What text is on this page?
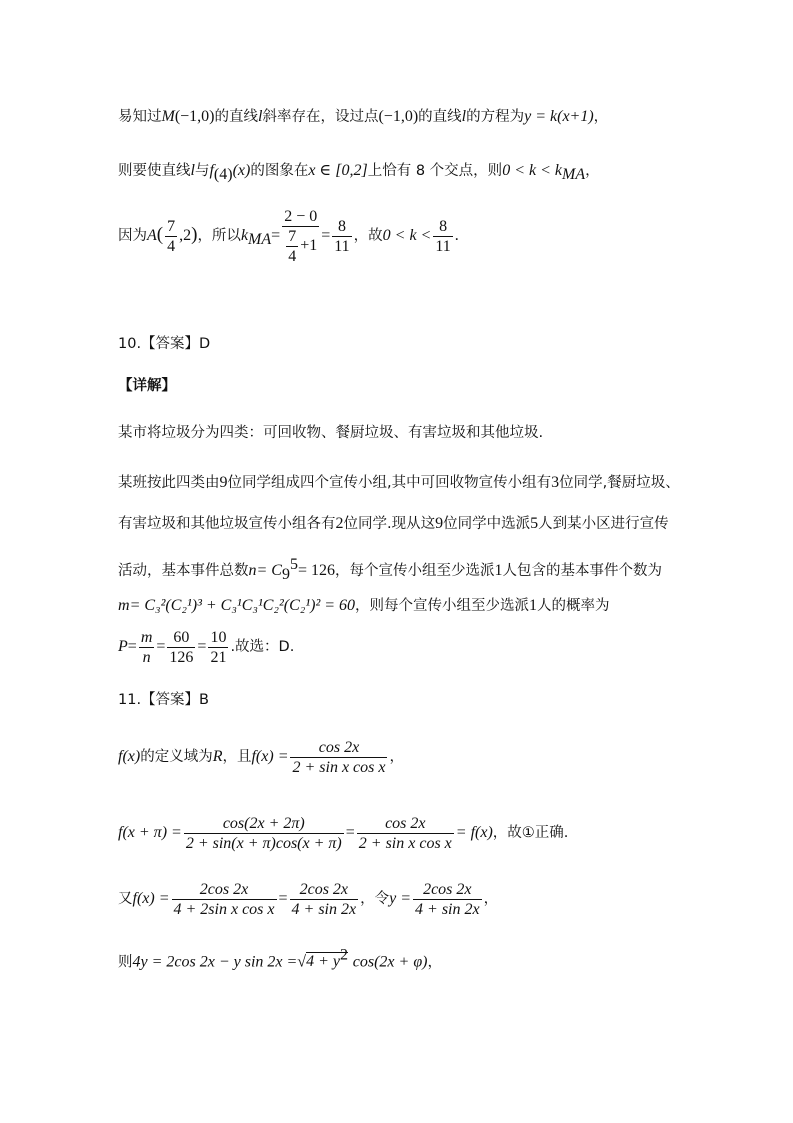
易知过M(−1,0)的直线l斜率存在，设过点(−1,0)的直线l的方程为y = k(x+1)，
则要使直线l与$f_{(4)}(x)$的图象在x ∈ [0,2]上恰有 8 个交点，则$0 < k < k_{MA}$，
因为$A( \frac{7}{4} ,2)$，所以$k_{MA}= \frac{2 - 0}{\frac{7}{4} +1} = \frac{8}{11}$ ，故$0 < k < \frac{8}{11}$ .
10.【答案】D
【详解】
某市将垃圾分为四类：可回收物、餐厨垃圾、有害垃圾和其他垃圾.
某班按此四类由9位同学组成四个宣传小组,其中可回收物宣传小组有3位同学,餐厨垃圾、
有害垃圾和其他垃圾宣传小组各有2位同学.现从这9位同学中选派5人到某小区进行宣传
活动，基本事件总数$n= C_9^5= 126$，每个宣传小组至少选派1人包含的基本事件个数为
m= C₃²(C₂¹)³ + C₃¹C₃¹C₂²(C₂¹)² = 60，则每个宣传小组至少选派1人的概率为
$P= \frac{m}{n} = \frac{60}{126} = \frac{10}{21}$ .故选：D.
11.【答案】B
f(x)的定义域为R，且$f(x) = \frac{\cos 2x}{\text{2 + sin x cos x}}$ ，
$f(x + \pi) = \frac{\cos(2x + 2\pi)}{2 + \sin(x + \pi)\cos(x + \pi)} = \frac{\cos 2x}{\text{2 + sin x cos x}} = f(x)$，故①正确.
又$f(x) = \frac{2\cos 2x}{\text{4 + 2sin x cos x}} = \frac{2\cos 2x}{4 + \sin 2x}$ ，令$y = \frac{2\cos 2x}{4 + \sin 2x}$ ，
则4y = 2cos 2x − y $\sin 2x =√4 + y^2$ cos(2x + φ)，
